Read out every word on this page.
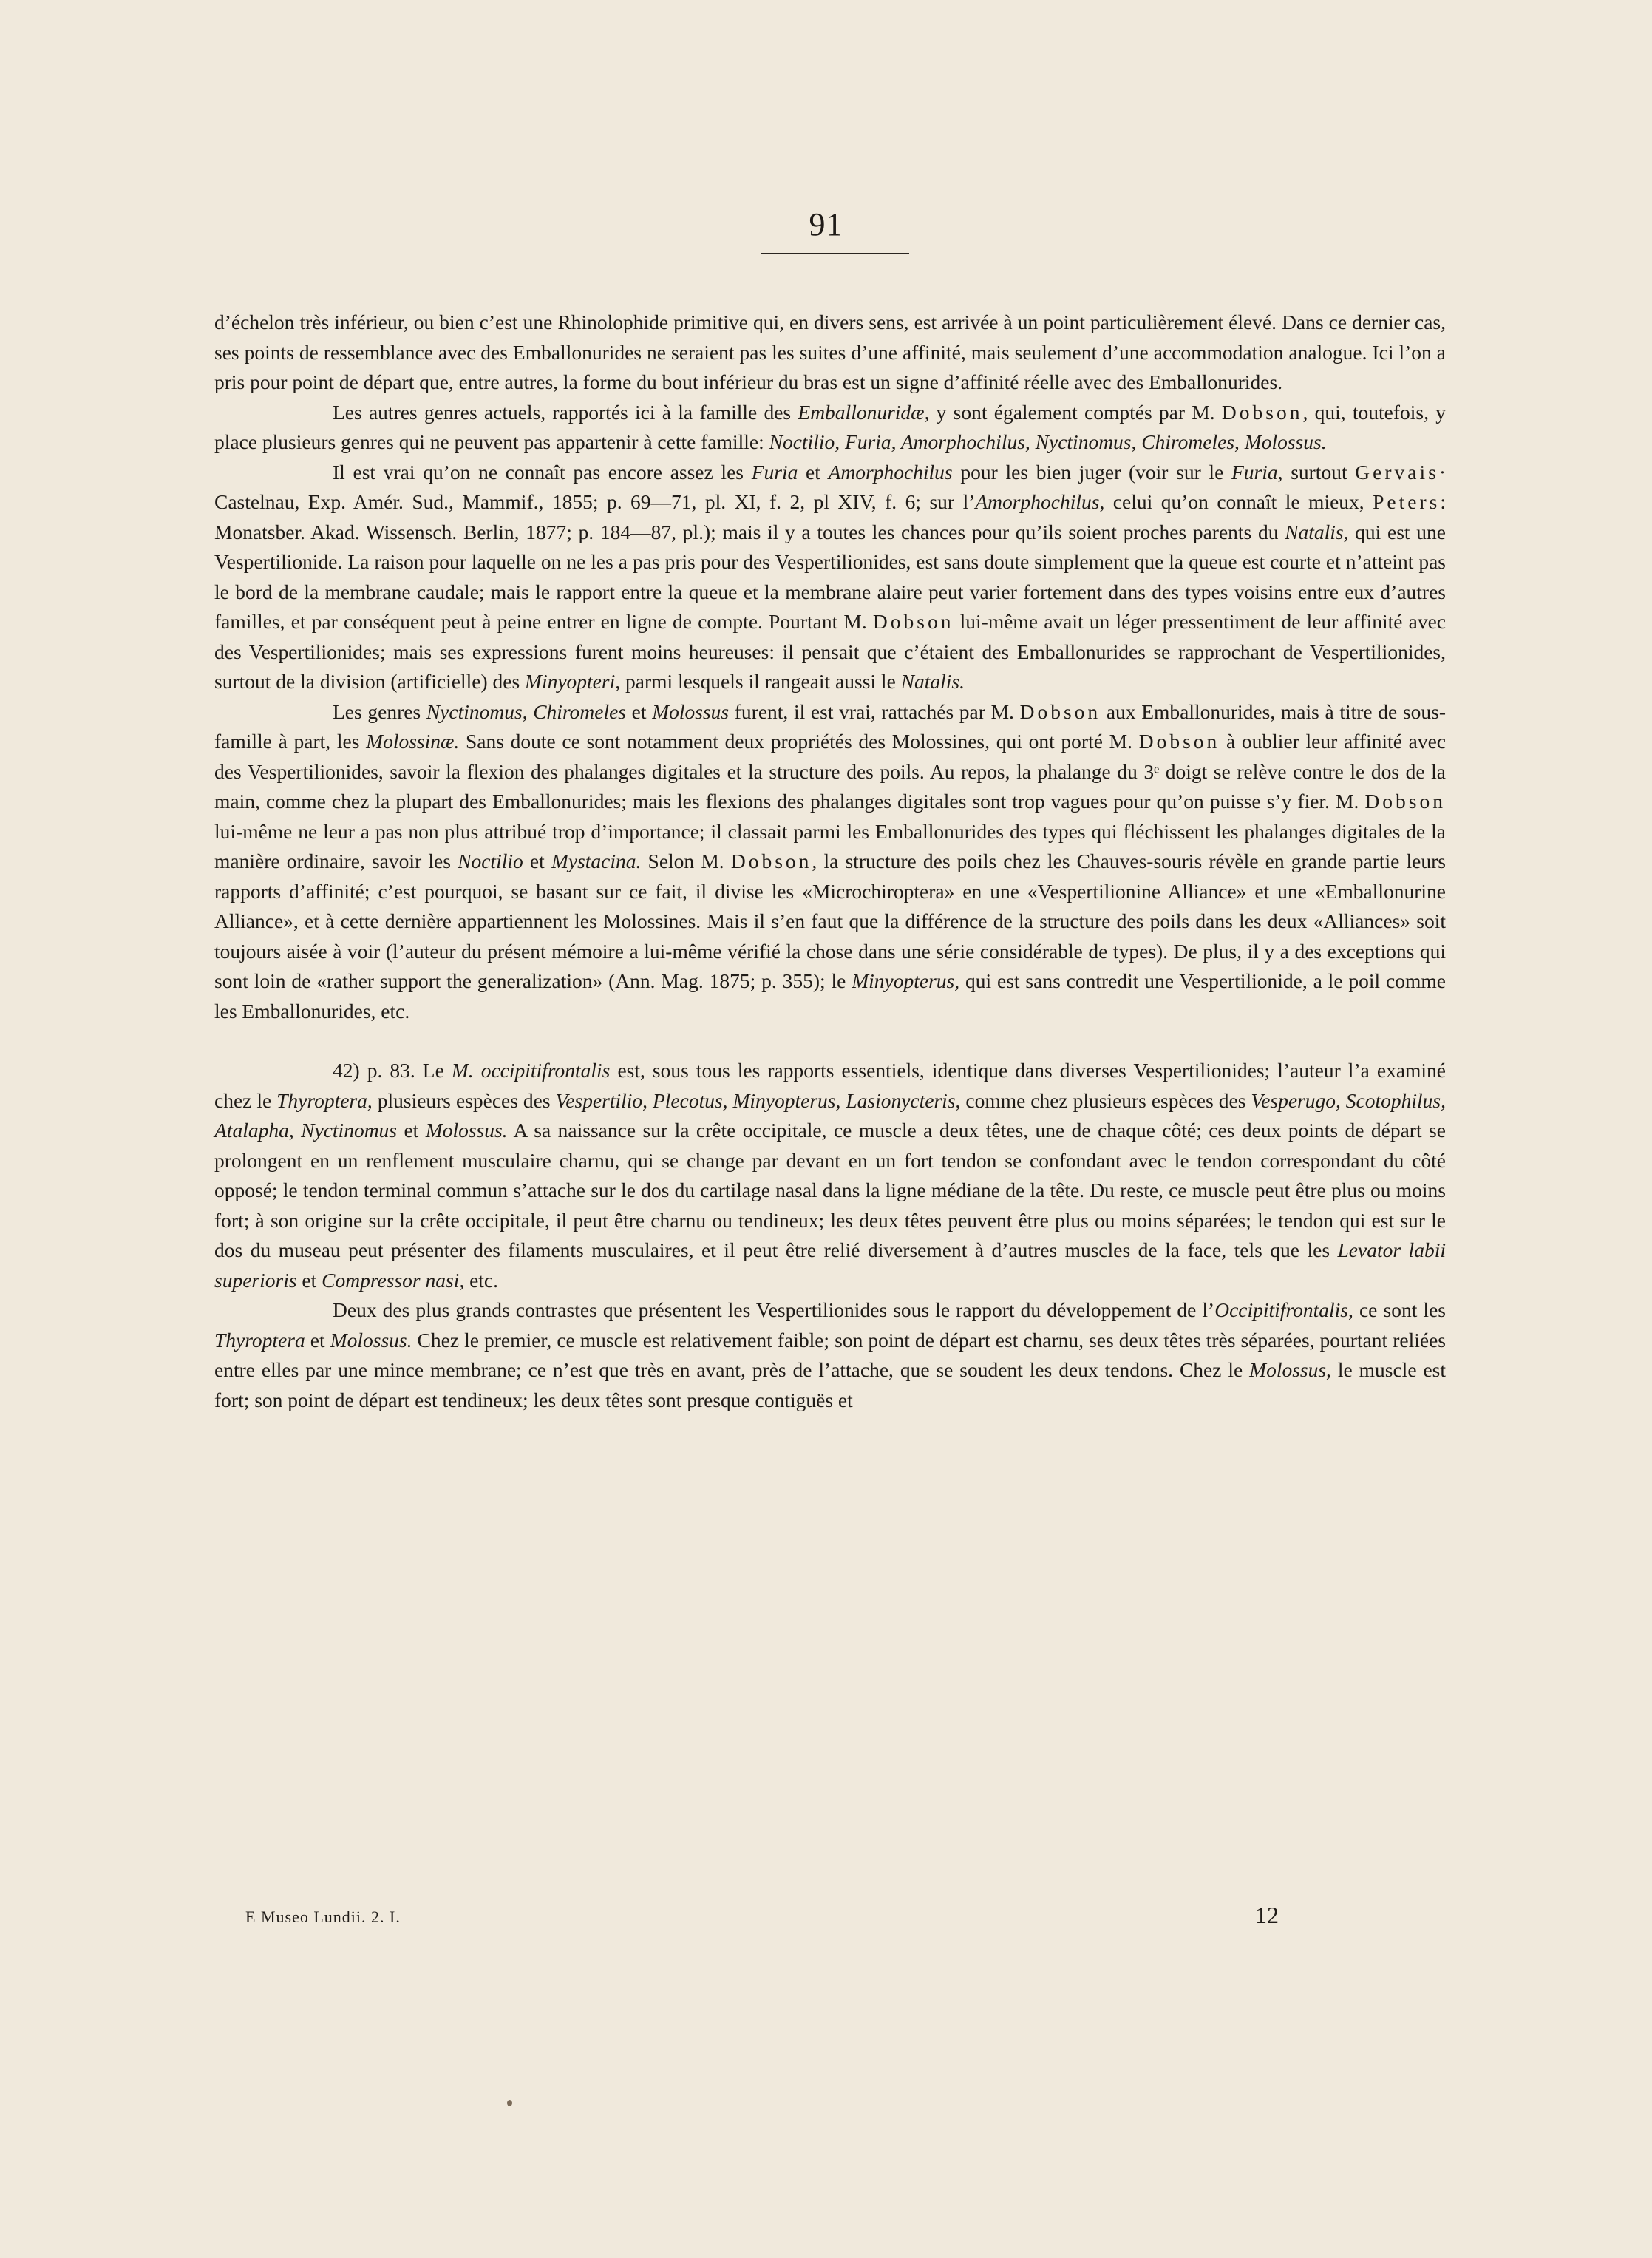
91

d’échelon très inférieur, ou bien c’est une Rhinolophide primitive qui, en divers sens, est arrivée à un point particulièrement élevé. Dans ce dernier cas, ses points de ressemblance avec des Emballonurides ne seraient pas les suites d’une affinité, mais seulement d’une accommodation analogue. Ici l’on a pris pour point de départ que, entre autres, la forme du bout inférieur du bras est un signe d’affinité réelle avec des Emballonurides.

Les autres genres actuels, rapportés ici à la famille des Emballonuridæ, y sont également comptés par M. Dobson, qui, toutefois, y place plusieurs genres qui ne peuvent pas appartenir à cette famille: Noctilio, Furia, Amorphochilus, Nyctinomus, Chiromeles, Molossus.

Il est vrai qu’on ne connaît pas encore assez les Furia et Amorphochilus pour les bien juger (voir sur le Furia, surtout Gervais· Castelnau, Exp. Amér. Sud., Mammif., 1855; p. 69—71, pl. XI, f. 2, pl XIV, f. 6; sur l’Amorphochilus, celui qu’on connaît le mieux, Peters: Monatsber. Akad. Wissensch. Berlin, 1877; p. 184—87, pl.); mais il y a toutes les chances pour qu’ils soient proches parents du Natalis, qui est une Vespertilionide. La raison pour laquelle on ne les a pas pris pour des Vespertilionides, est sans doute simplement que la queue est courte et n’atteint pas le bord de la membrane caudale; mais le rapport entre la queue et la membrane alaire peut varier fortement dans des types voisins entre eux d’autres familles, et par conséquent peut à peine entrer en ligne de compte. Pourtant M. Dobson lui-même avait un léger pressentiment de leur affinité avec des Vespertilionides; mais ses expressions furent moins heureuses: il pensait que c’étaient des Emballonurides se rapprochant de Vespertilionides, surtout de la division (artificielle) des Minyopteri, parmi lesquels il rangeait aussi le Natalis.

Les genres Nyctinomus, Chiromeles et Molossus furent, il est vrai, rattachés par M. Dobson aux Emballonurides, mais à titre de sous-famille à part, les Molossinæ. Sans doute ce sont notamment deux propriétés des Molossines, qui ont porté M. Dobson à oublier leur affinité avec des Vespertilionides, savoir la flexion des phalanges digitales et la structure des poils. Au repos, la phalange du 3ᵉ doigt se relève contre le dos de la main, comme chez la plupart des Emballonurides; mais les flexions des phalanges digitales sont trop vagues pour qu’on puisse s’y fier. M. Dobson lui-même ne leur a pas non plus attribué trop d’importance; il classait parmi les Emballonurides des types qui fléchissent les phalanges digitales de la manière ordinaire, savoir les Noctilio et Mystacina. Selon M. Dobson, la structure des poils chez les Chauves-souris révèle en grande partie leurs rapports d’affinité; c’est pourquoi, se basant sur ce fait, il divise les «Microchiroptera» en une «Vespertilionine Alliance» et une «Emballonurine Alliance», et à cette dernière appartiennent les Molossines. Mais il s’en faut que la différence de la structure des poils dans les deux «Alliances» soit toujours aisée à voir (l’auteur du présent mémoire a lui-même vérifié la chose dans une série considérable de types). De plus, il y a des exceptions qui sont loin de «rather support the generalization» (Ann. Mag. 1875; p. 355); le Minyopterus, qui est sans contredit une Vespertilionide, a le poil comme les Emballonurides, etc.

42) p. 83. Le M. occipitifrontalis est, sous tous les rapports essentiels, identique dans diverses Vespertilionides; l’auteur l’a examiné chez le Thyroptera, plusieurs espèces des Vespertilio, Plecotus, Minyopterus, Lasionycteris, comme chez plusieurs espèces des Vesperugo, Scotophilus, Atalapha, Nyctinomus et Molossus. A sa naissance sur la crête occipitale, ce muscle a deux têtes, une de chaque côté; ces deux points de départ se prolongent en un renflement musculaire charnu, qui se change par devant en un fort tendon se confondant avec le tendon correspondant du côté opposé; le tendon terminal commun s’attache sur le dos du cartilage nasal dans la ligne médiane de la tête. Du reste, ce muscle peut être plus ou moins fort; à son origine sur la crête occipitale, il peut être charnu ou tendineux; les deux têtes peuvent être plus ou moins séparées; le tendon qui est sur le dos du museau peut présenter des filaments musculaires, et il peut être relié diversement à d’autres muscles de la face, tels que les Levator labii superioris et Compressor nasi, etc.

Deux des plus grands contrastes que présentent les Vespertilionides sous le rapport du développement de l’Occipitifrontalis, ce sont les Thyroptera et Molossus. Chez le premier, ce muscle est relativement faible; son point de départ est charnu, ses deux têtes très séparées, pourtant reliées entre elles par une mince membrane; ce n’est que très en avant, près de l’attache, que se soudent les deux tendons. Chez le Molossus, le muscle est fort; son point de départ est tendineux; les deux têtes sont presque contiguës et

E Museo Lundii. 2. I.	12
